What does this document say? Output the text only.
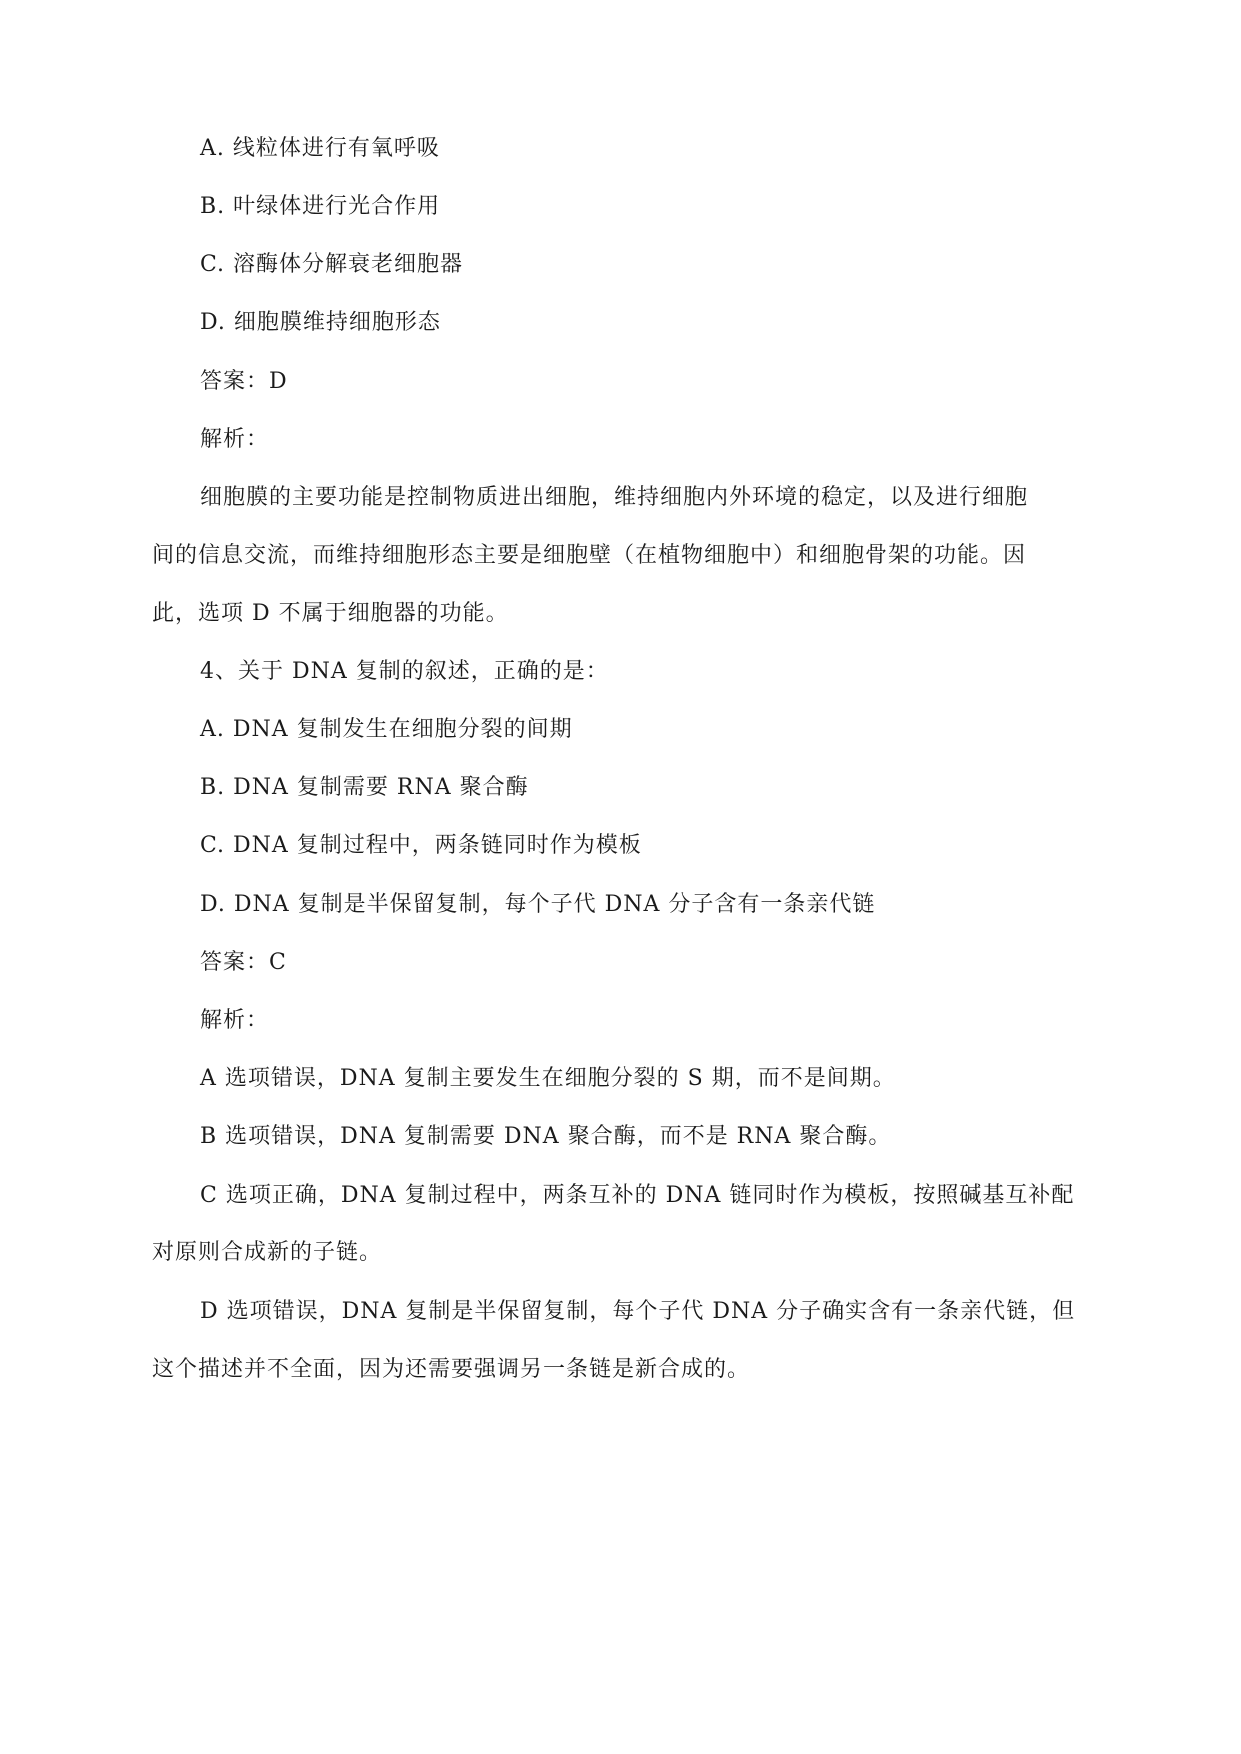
A. 线粒体进行有氧呼吸
B. 叶绿体进行光合作用
C. 溶酶体分解衰老细胞器
D. 细胞膜维持细胞形态
答案：D
解析：
细胞膜的主要功能是控制物质进出细胞，维持细胞内外环境的稳定，以及进行细胞
间的信息交流，而维持细胞形态主要是细胞壁（在植物细胞中）和细胞骨架的功能。因
此，选项 D 不属于细胞器的功能。
4、关于 DNA 复制的叙述，正确的是：
A. DNA 复制发生在细胞分裂的间期
B. DNA 复制需要 RNA 聚合酶
C. DNA 复制过程中，两条链同时作为模板
D. DNA 复制是半保留复制，每个子代 DNA 分子含有一条亲代链
答案：C
解析：
A 选项错误，DNA 复制主要发生在细胞分裂的 S 期，而不是间期。
B 选项错误，DNA 复制需要 DNA 聚合酶，而不是 RNA 聚合酶。
C 选项正确，DNA 复制过程中，两条互补的 DNA 链同时作为模板，按照碱基互补配
对原则合成新的子链。
D 选项错误，DNA 复制是半保留复制，每个子代 DNA 分子确实含有一条亲代链，但
这个描述并不全面，因为还需要强调另一条链是新合成的。
